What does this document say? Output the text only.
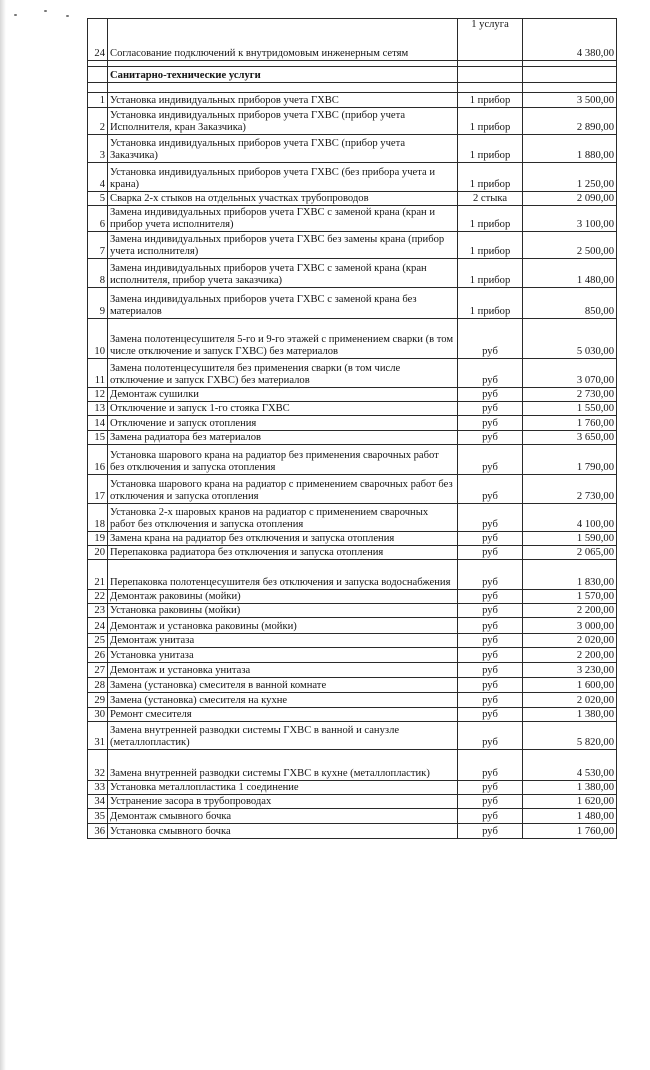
24	Согласование подключений к внутридомовым инженерным сетям	1 услуга	4 380,00

	Санитарно-технические услуги		

1	Установка индивидуальных приборов учета ГХВС	1 прибор	3 500,00
2	Установка индивидуальных приборов учета ГХВС (прибор учета Исполнителя, кран Заказчика)	1 прибор	2 890,00
3	Установка индивидуальных приборов учета ГХВС (прибор учета Заказчика)	1 прибор	1 880,00
4	Установка индивидуальных приборов учета ГХВС (без прибора учета и крана)	1 прибор	1 250,00
5	Сварка 2-х стыков на отдельных участках трубопроводов	2 стыка	2 090,00
6	Замена индивидуальных приборов учета ГХВС с заменой крана (кран и прибор учета исполнителя)	1 прибор	3 100,00
7	Замена индивидуальных приборов учета ГХВС без замены крана (прибор учета исполнителя)	1 прибор	2 500,00
8	Замена индивидуальных приборов учета ГХВС с заменой крана (кран исполнителя, прибор учета заказчика)	1 прибор	1 480,00
9	Замена индивидуальных приборов учета ГХВС с заменой крана без материалов	1 прибор	850,00
10	Замена полотенцесушителя 5-го и 9-го этажей с применением сварки (в том числе отключение и запуск ГХВС) без материалов	руб	5 030,00
11	Замена полотенцесушителя без применения сварки (в том числе отключение и запуск ГХВС) без материалов	руб	3 070,00
12	Демонтаж сушилки	руб	2 730,00
13	Отключение и запуск 1-го стояка ГХВС	руб	1 550,00
14	Отключение и запуск отопления	руб	1 760,00
15	Замена радиатора без материалов	руб	3 650,00
16	Установка шарового крана на радиатор без применения сварочных работ без отключения и запуска отопления	руб	1 790,00
17	Установка шарового крана на радиатор с применением сварочных работ без отключения и запуска отопления	руб	2 730,00
18	Установка 2-х шаровых кранов на радиатор с применением сварочных работ без отключения и запуска отопления	руб	4 100,00
19	Замена крана на радиатор без отключения и запуска отопления	руб	1 590,00
20	Перепаковка радиатора без отключения и запуска отопления	руб	2 065,00
21	Перепаковка полотенцесушителя без отключения и запуска водоснабжения	руб	1 830,00
22	Демонтаж раковины (мойки)	руб	1 570,00
23	Установка раковины (мойки)	руб	2 200,00
24	Демонтаж и установка раковины (мойки)	руб	3 000,00
25	Демонтаж унитаза	руб	2 020,00
26	Установка унитаза	руб	2 200,00
27	Демонтаж и установка унитаза	руб	3 230,00
28	Замена (установка) смесителя в ванной комнате	руб	1 600,00
29	Замена (установка) смесителя на кухне	руб	2 020,00
30	Ремонт смесителя	руб	1 380,00
31	Замена внутренней разводки системы ГХВС в ванной и санузле (металлопластик)	руб	5 820,00
32	Замена внутренней разводки системы ГХВС в кухне (металлопластик)	руб	4 530,00
33	Установка металлопластика 1 соединение	руб	1 380,00
34	Устранение засора в трубопроводах	руб	1 620,00
35	Демонтаж смывного бочка	руб	1 480,00
36	Установка смывного бочка	руб	1 760,00
